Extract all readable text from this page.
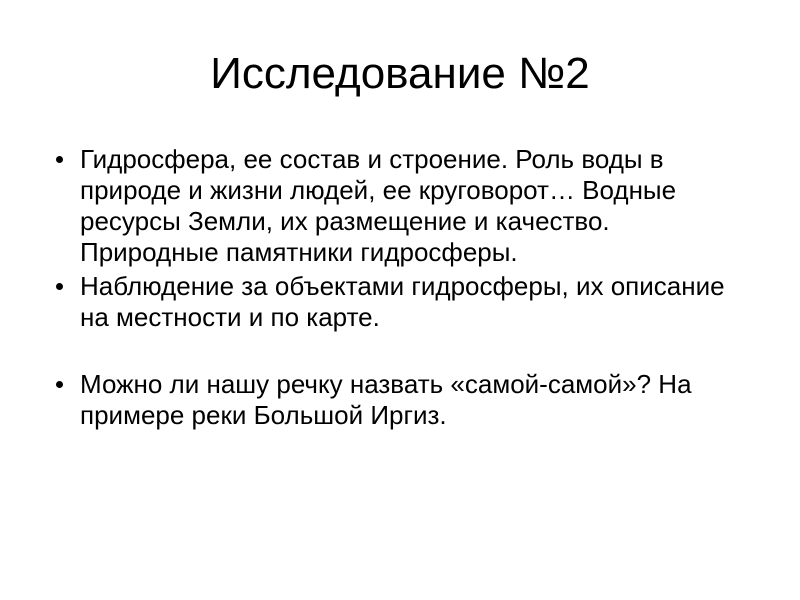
Исследование №2
Гидросфера, ее состав и строение. Роль воды в природе и жизни людей, ее круговорот… Водные ресурсы Земли, их размещение и качество. Природные памятники гидросферы.
Наблюдение за объектами гидросферы, их описание на местности и по карте.
Можно ли нашу речку назвать «самой-самой»? На примере реки Большой Иргиз.
